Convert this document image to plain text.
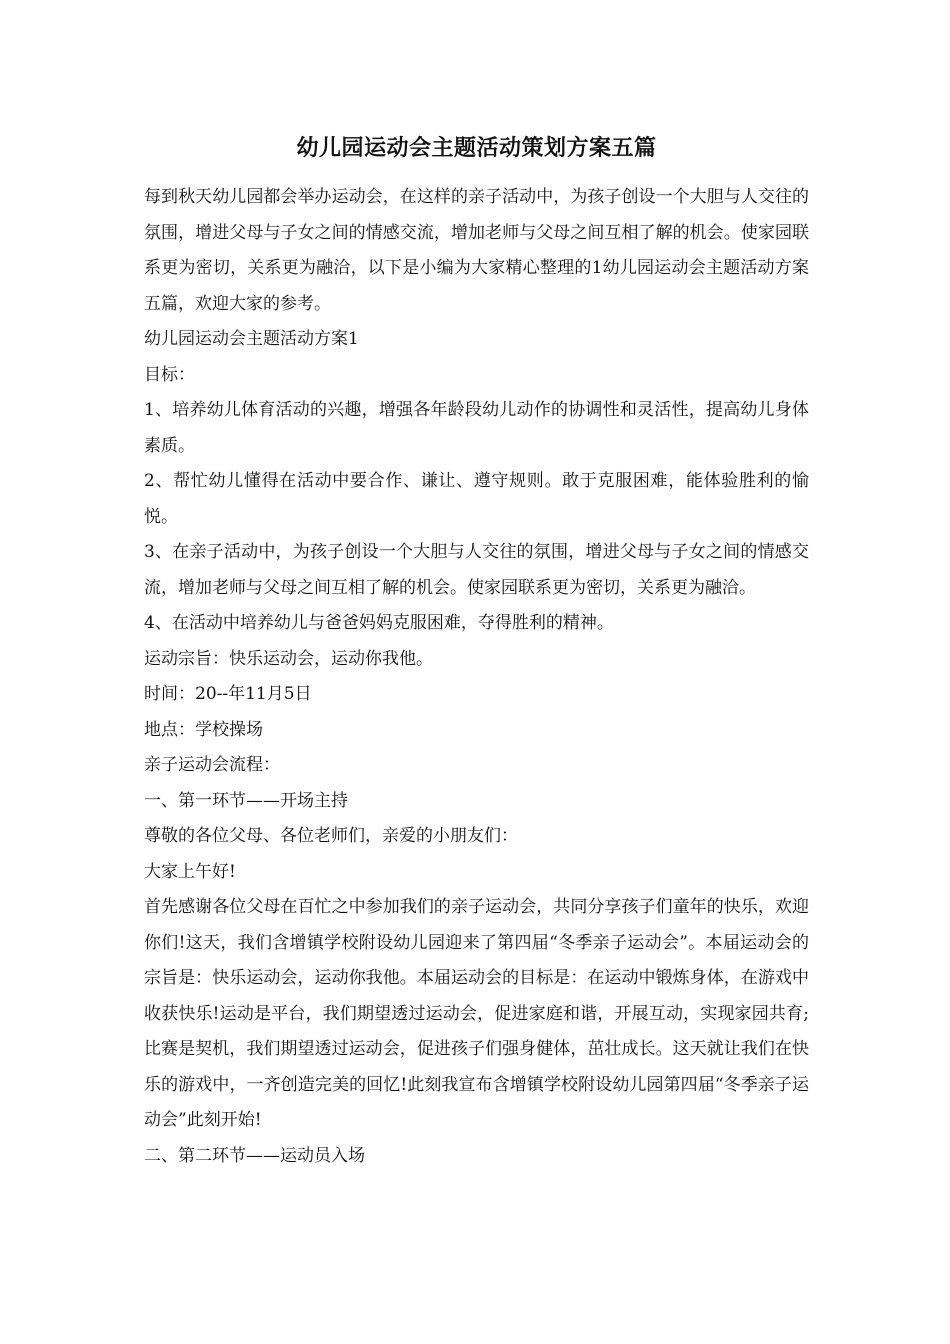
幼儿园运动会主题活动策划方案五篇

每到秋天幼儿园都会举办运动会，在这样的亲子活动中，为孩子创设一个大胆与人交往的氛围，增进父母与子女之间的情感交流，增加老师与父母之间互相了解的机会。使家园联系更为密切，关系更为融洽，以下是小编为大家精心整理的1幼儿园运动会主题活动方案五篇，欢迎大家的参考。

幼儿园运动会主题活动方案1

目标：

1、培养幼儿体育活动的兴趣，增强各年龄段幼儿动作的协调性和灵活性，提高幼儿身体素质。

2、帮忙幼儿懂得在活动中要合作、谦让、遵守规则。敢于克服困难，能体验胜利的愉悦。

3、在亲子活动中，为孩子创设一个大胆与人交往的氛围，增进父母与子女之间的情感交流，增加老师与父母之间互相了解的机会。使家园联系更为密切，关系更为融洽。

4、在活动中培养幼儿与爸爸妈妈克服困难，夺得胜利的精神。

运动宗旨：快乐运动会，运动你我他。

时间：20--年11月5日

地点：学校操场

亲子运动会流程：

一、第一环节——开场主持

尊敬的各位父母、各位老师们，亲爱的小朋友们：

大家上午好!

首先感谢各位父母在百忙之中参加我们的亲子运动会，共同分享孩子们童年的快乐，欢迎你们!这天，我们含增镇学校附设幼儿园迎来了第四届“冬季亲子运动会”。本届运动会的宗旨是：快乐运动会，运动你我他。本届运动会的目标是：在运动中锻炼身体，在游戏中收获快乐!运动是平台，我们期望透过运动会，促进家庭和谐，开展互动，实现家园共育;比赛是契机，我们期望透过运动会，促进孩子们强身健体，茁壮成长。这天就让我们在快乐的游戏中，一齐创造完美的回忆!此刻我宣布含增镇学校附设幼儿园第四届“冬季亲子运动会”此刻开始!

二、第二环节——运动员入场
